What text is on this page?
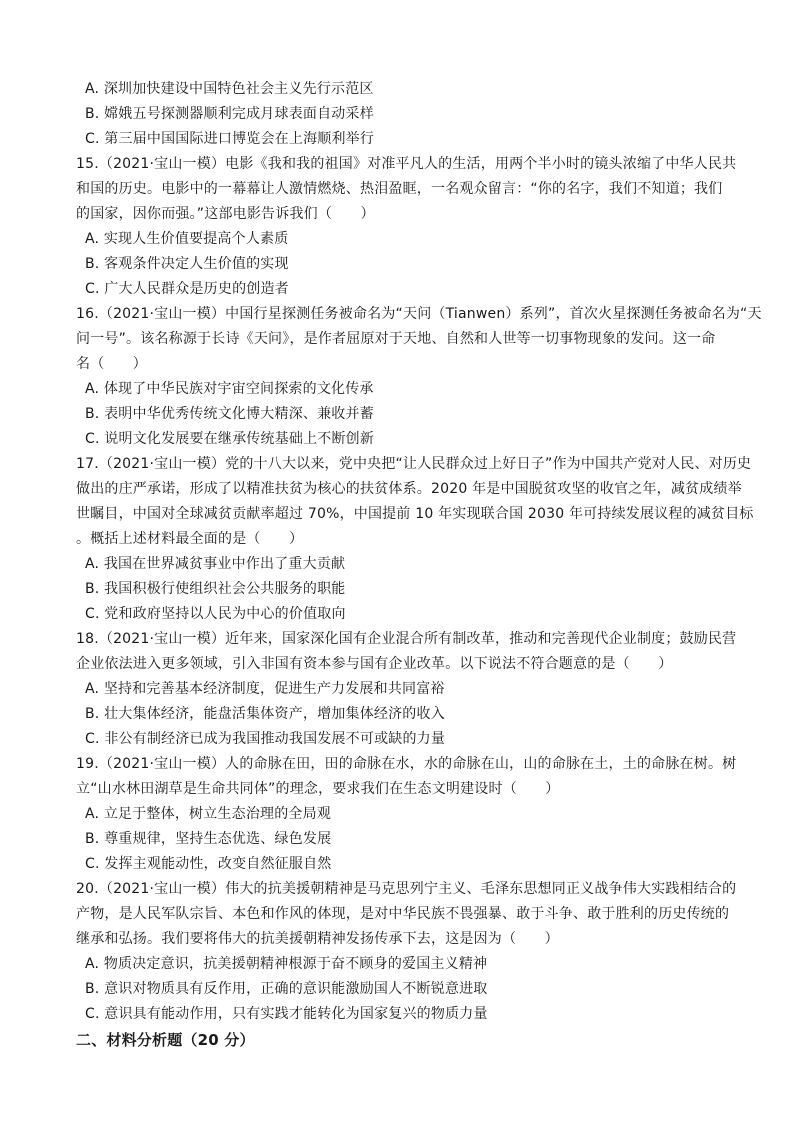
A. 深圳加快建设中国特色社会主义先行示范区
B. 嫦娥五号探测器顺利完成月球表面自动采样
C. 第三届中国国际进口博览会在上海顺利举行
15.（2021·宝山一模）电影《我和我的祖国》对准平凡人的生活，用两个半小时的镜头浓缩了中华人民共
和国的历史。电影中的一幕幕让人激情燃烧、热泪盈眶，一名观众留言：“你的名字，我们不知道；我们
的国家，因你而强。”这部电影告诉我们（　　）
A. 实现人生价值要提高个人素质
B. 客观条件决定人生价值的实现
C. 广大人民群众是历史的创造者
16.（2021·宝山一模）中国行星探测任务被命名为“天问（Tianwen）系列”，首次火星探测任务被命名为“天
问一号”。该名称源于长诗《天问》，是作者屈原对于天地、自然和人世等一切事物现象的发问。这一命
名（　　）
A. 体现了中华民族对宇宙空间探索的文化传承
B. 表明中华优秀传统文化博大精深、兼收并蓄
C. 说明文化发展要在继承传统基础上不断创新
17.（2021·宝山一模）党的十八大以来，党中央把“让人民群众过上好日子”作为中国共产党对人民、对历史
做出的庄严承诺，形成了以精准扶贫为核心的扶贫体系。2020 年是中国脱贫攻坚的收官之年，减贫成绩举
世瞩目，中国对全球减贫贡献率超过 70%，中国提前 10 年实现联合国 2030 年可持续发展议程的减贫目标
。概括上述材料最全面的是（　　）
A. 我国在世界减贫事业中作出了重大贡献
B. 我国积极行使组织社会公共服务的职能
C. 党和政府坚持以人民为中心的价值取向
18.（2021·宝山一模）近年来，国家深化国有企业混合所有制改革，推动和完善现代企业制度；鼓励民营
企业依法进入更多领域，引入非国有资本参与国有企业改革。以下说法不符合题意的是（　　）
A. 坚持和完善基本经济制度，促进生产力发展和共同富裕
B. 壮大集体经济，能盘活集体资产，增加集体经济的收入
C. 非公有制经济已成为我国推动我国发展不可或缺的力量
19.（2021·宝山一模）人的命脉在田，田的命脉在水，水的命脉在山，山的命脉在土，土的命脉在树。树
立“山水林田湖草是生命共同体”的理念，要求我们在生态文明建设时（　　）
A. 立足于整体，树立生态治理的全局观
B. 尊重规律，坚持生态优选、绿色发展
C. 发挥主观能动性，改变自然征服自然
20.（2021·宝山一模）伟大的抗美援朝精神是马克思列宁主义、毛泽东思想同正义战争伟大实践相结合的
产物，是人民军队宗旨、本色和作风的体现，是对中华民族不畏强暴、敢于斗争、敢于胜利的历史传统的
继承和弘扬。我们要将伟大的抗美援朝精神发扬传承下去，这是因为（　　）
A. 物质决定意识，抗美援朝精神根源于奋不顾身的爱国主义精神
B. 意识对物质具有反作用，正确的意识能激励国人不断锐意进取
C. 意识具有能动作用，只有实践才能转化为国家复兴的物质力量
二、材料分析题（20 分）
